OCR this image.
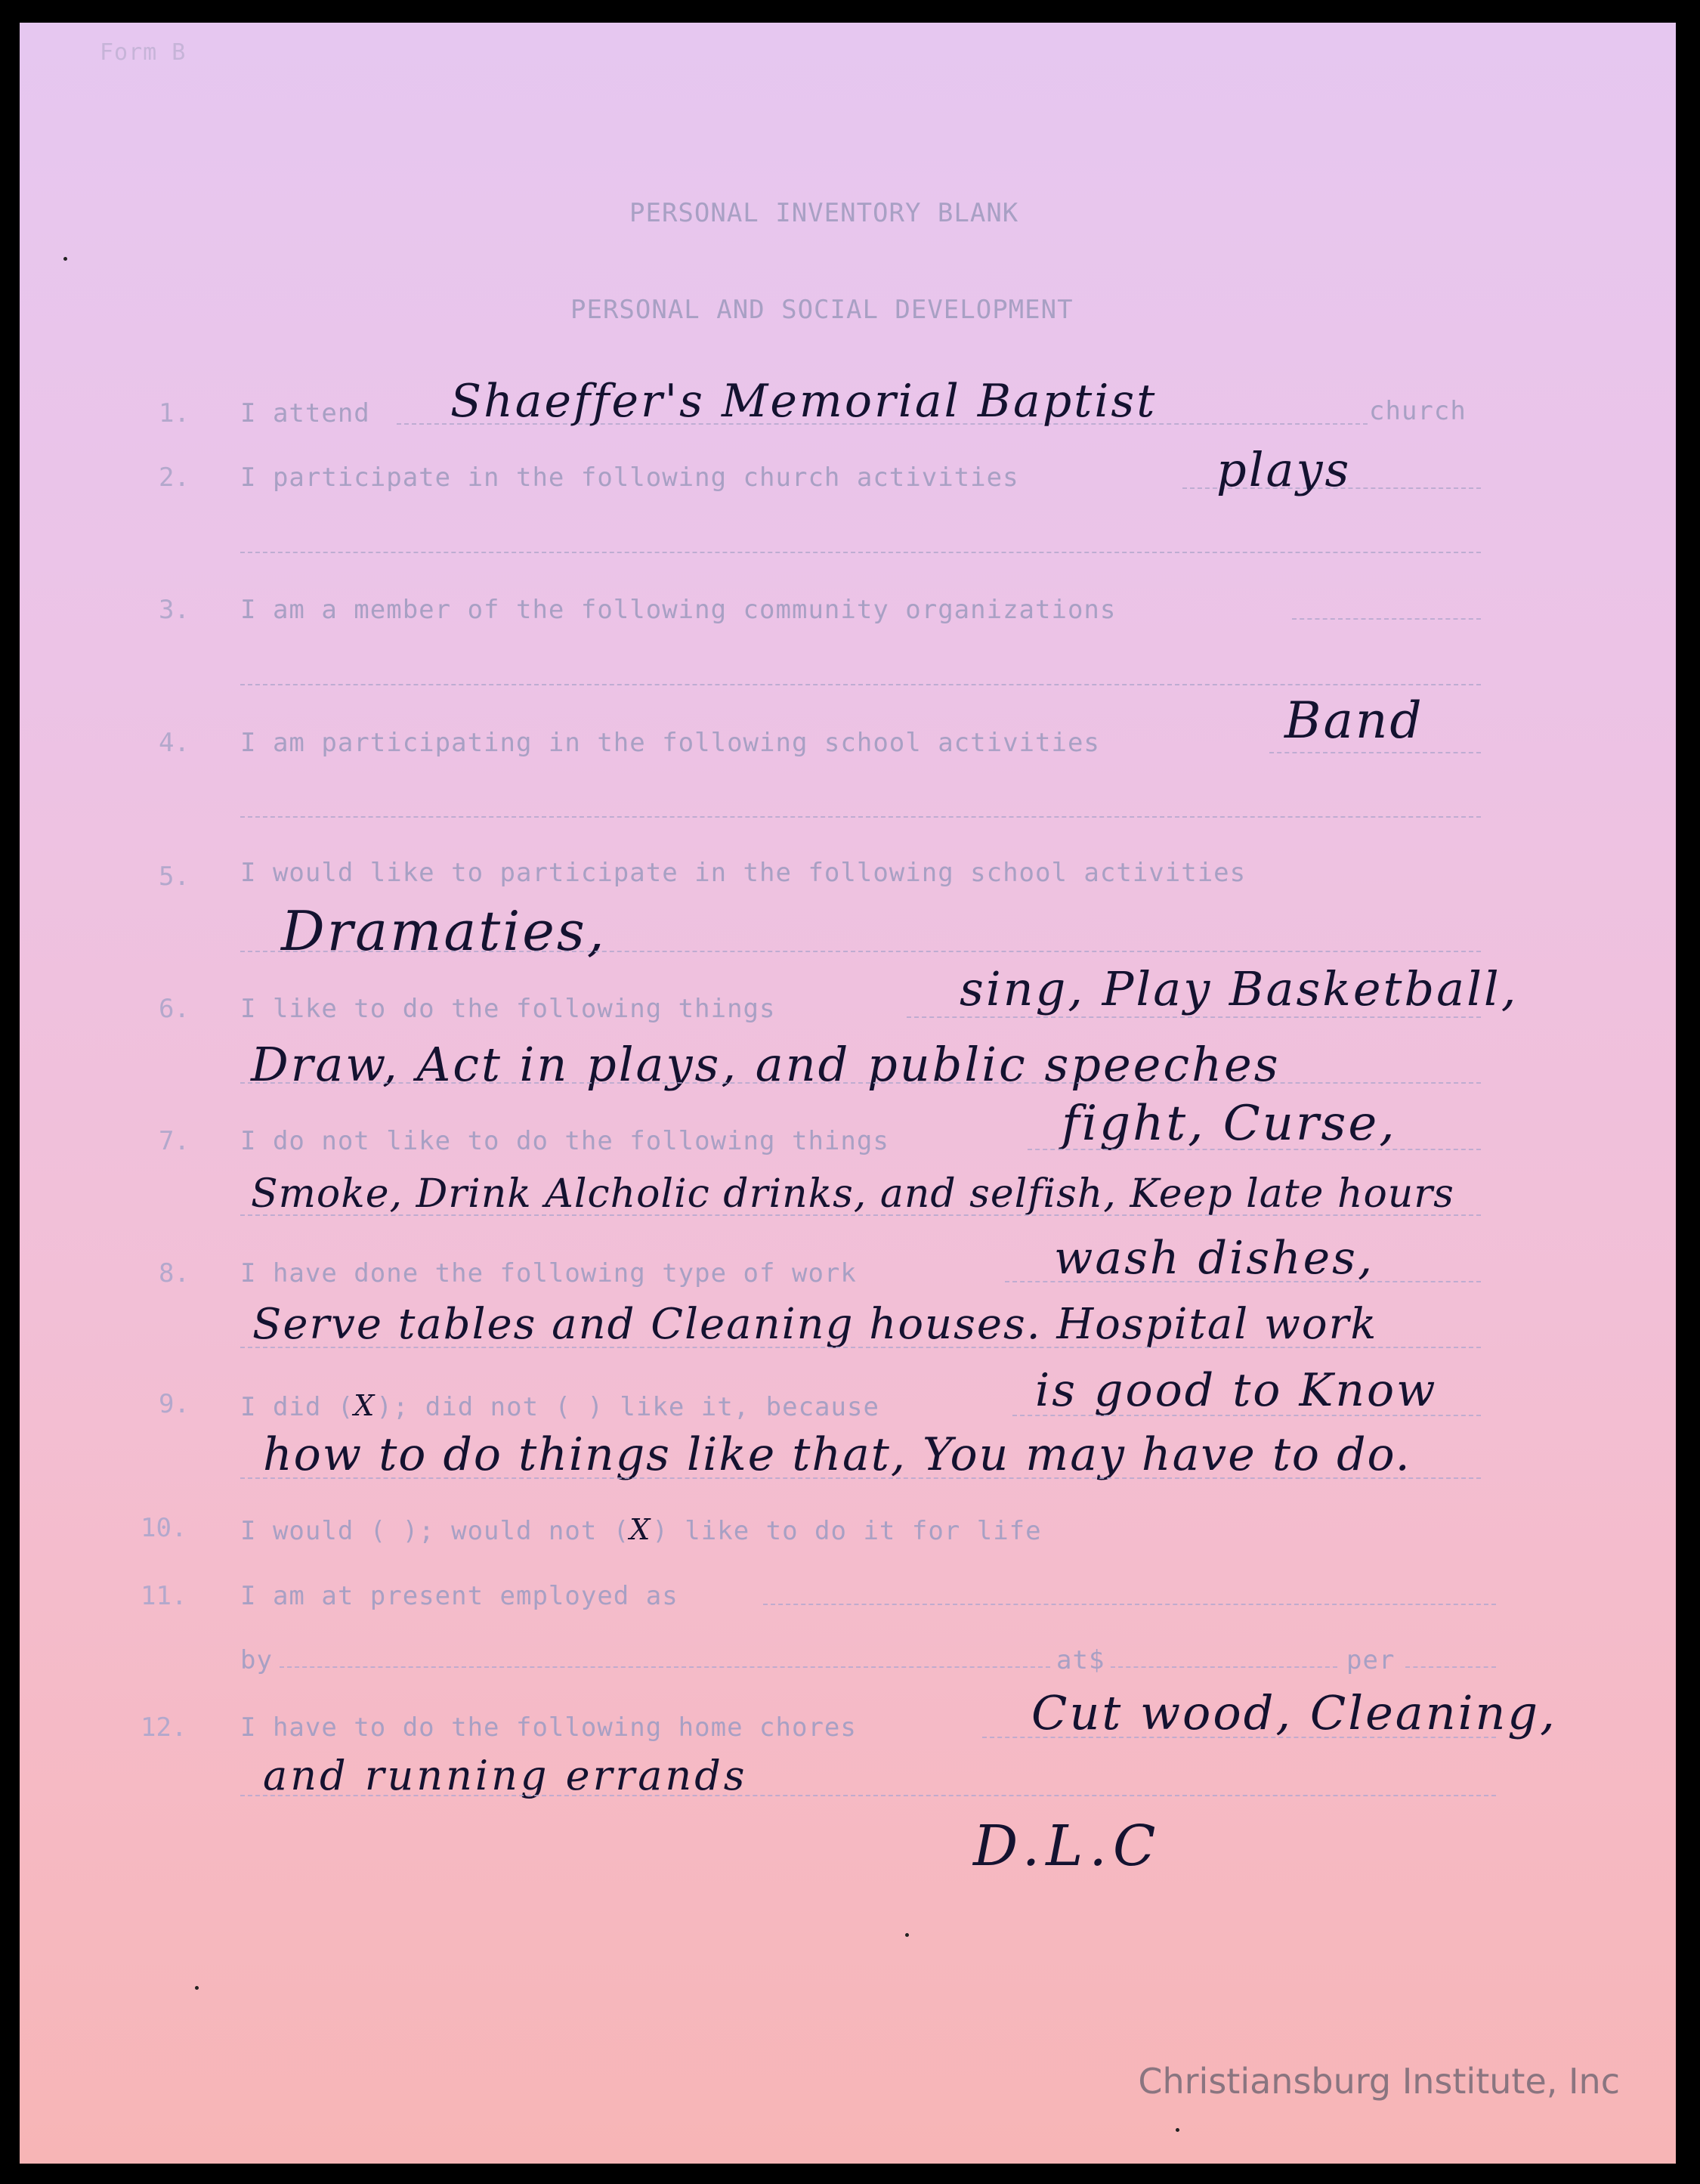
Form B
PERSONAL INVENTORY BLANK
PERSONAL AND SOCIAL DEVELOPMENT
1. I attend	church
Shaeffer's Memorial Baptist
2. I participate in the following church activities	plays
3. I am a member of the following community organizations
4. I am participating in the following school activities	Band
5. I would like to participate in the following school activities
Dramaties,
6. I like to do the following things	sing, Play Basketball,
Draw, Act in plays, and public speeches
7. I do not like to do the following things	fight, Curse,
Smoke, Drink Alcholic drinks, and selfish, Keep late hours
8. I have done the following type of work	wash dishes,
Serve tables and Cleaning houses. Hospital work
9. I did (X); did not ( ) like it, because	is good to Know
how to do things like that, You may have to do.
10. I would ( ); would not (X) like to do it for life
11. I am at present employed as
by	at$	per
12. I have to do the following home chores	Cut wood, Cleaning,
and running errands
D.L.C
Christiansburg Institute, Inc
